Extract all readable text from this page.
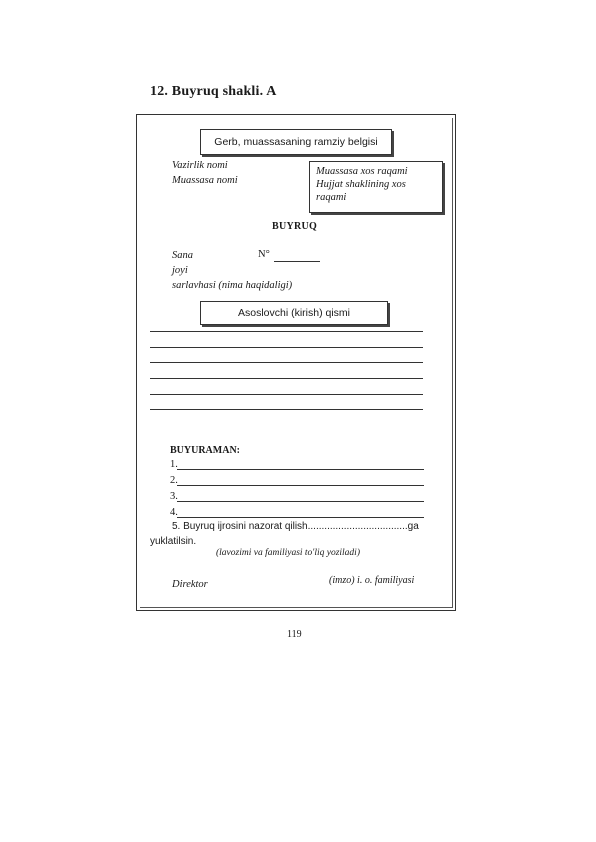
12. Buyruq shakli. A
Gerb, muassasaning ramziy belgisi
Vazirlik nomi
Muassasa nomi
Muassasa xos raqami
Hujjat shaklining xos
raqami
BUYRUQ
Sana	N°
joyi
sarlavhasi (nima haqidaligi)
Asoslovchi (kirish) qismi
BUYURAMAN:
1.
2.
3.
4.
5. Buyruq ijrosini nazorat qilish....................................ga
yuklatilsin.
(lavozimi va familiyasi to'liq yoziladi)
Direktor	(imzo) i. o. familiyasi
119
